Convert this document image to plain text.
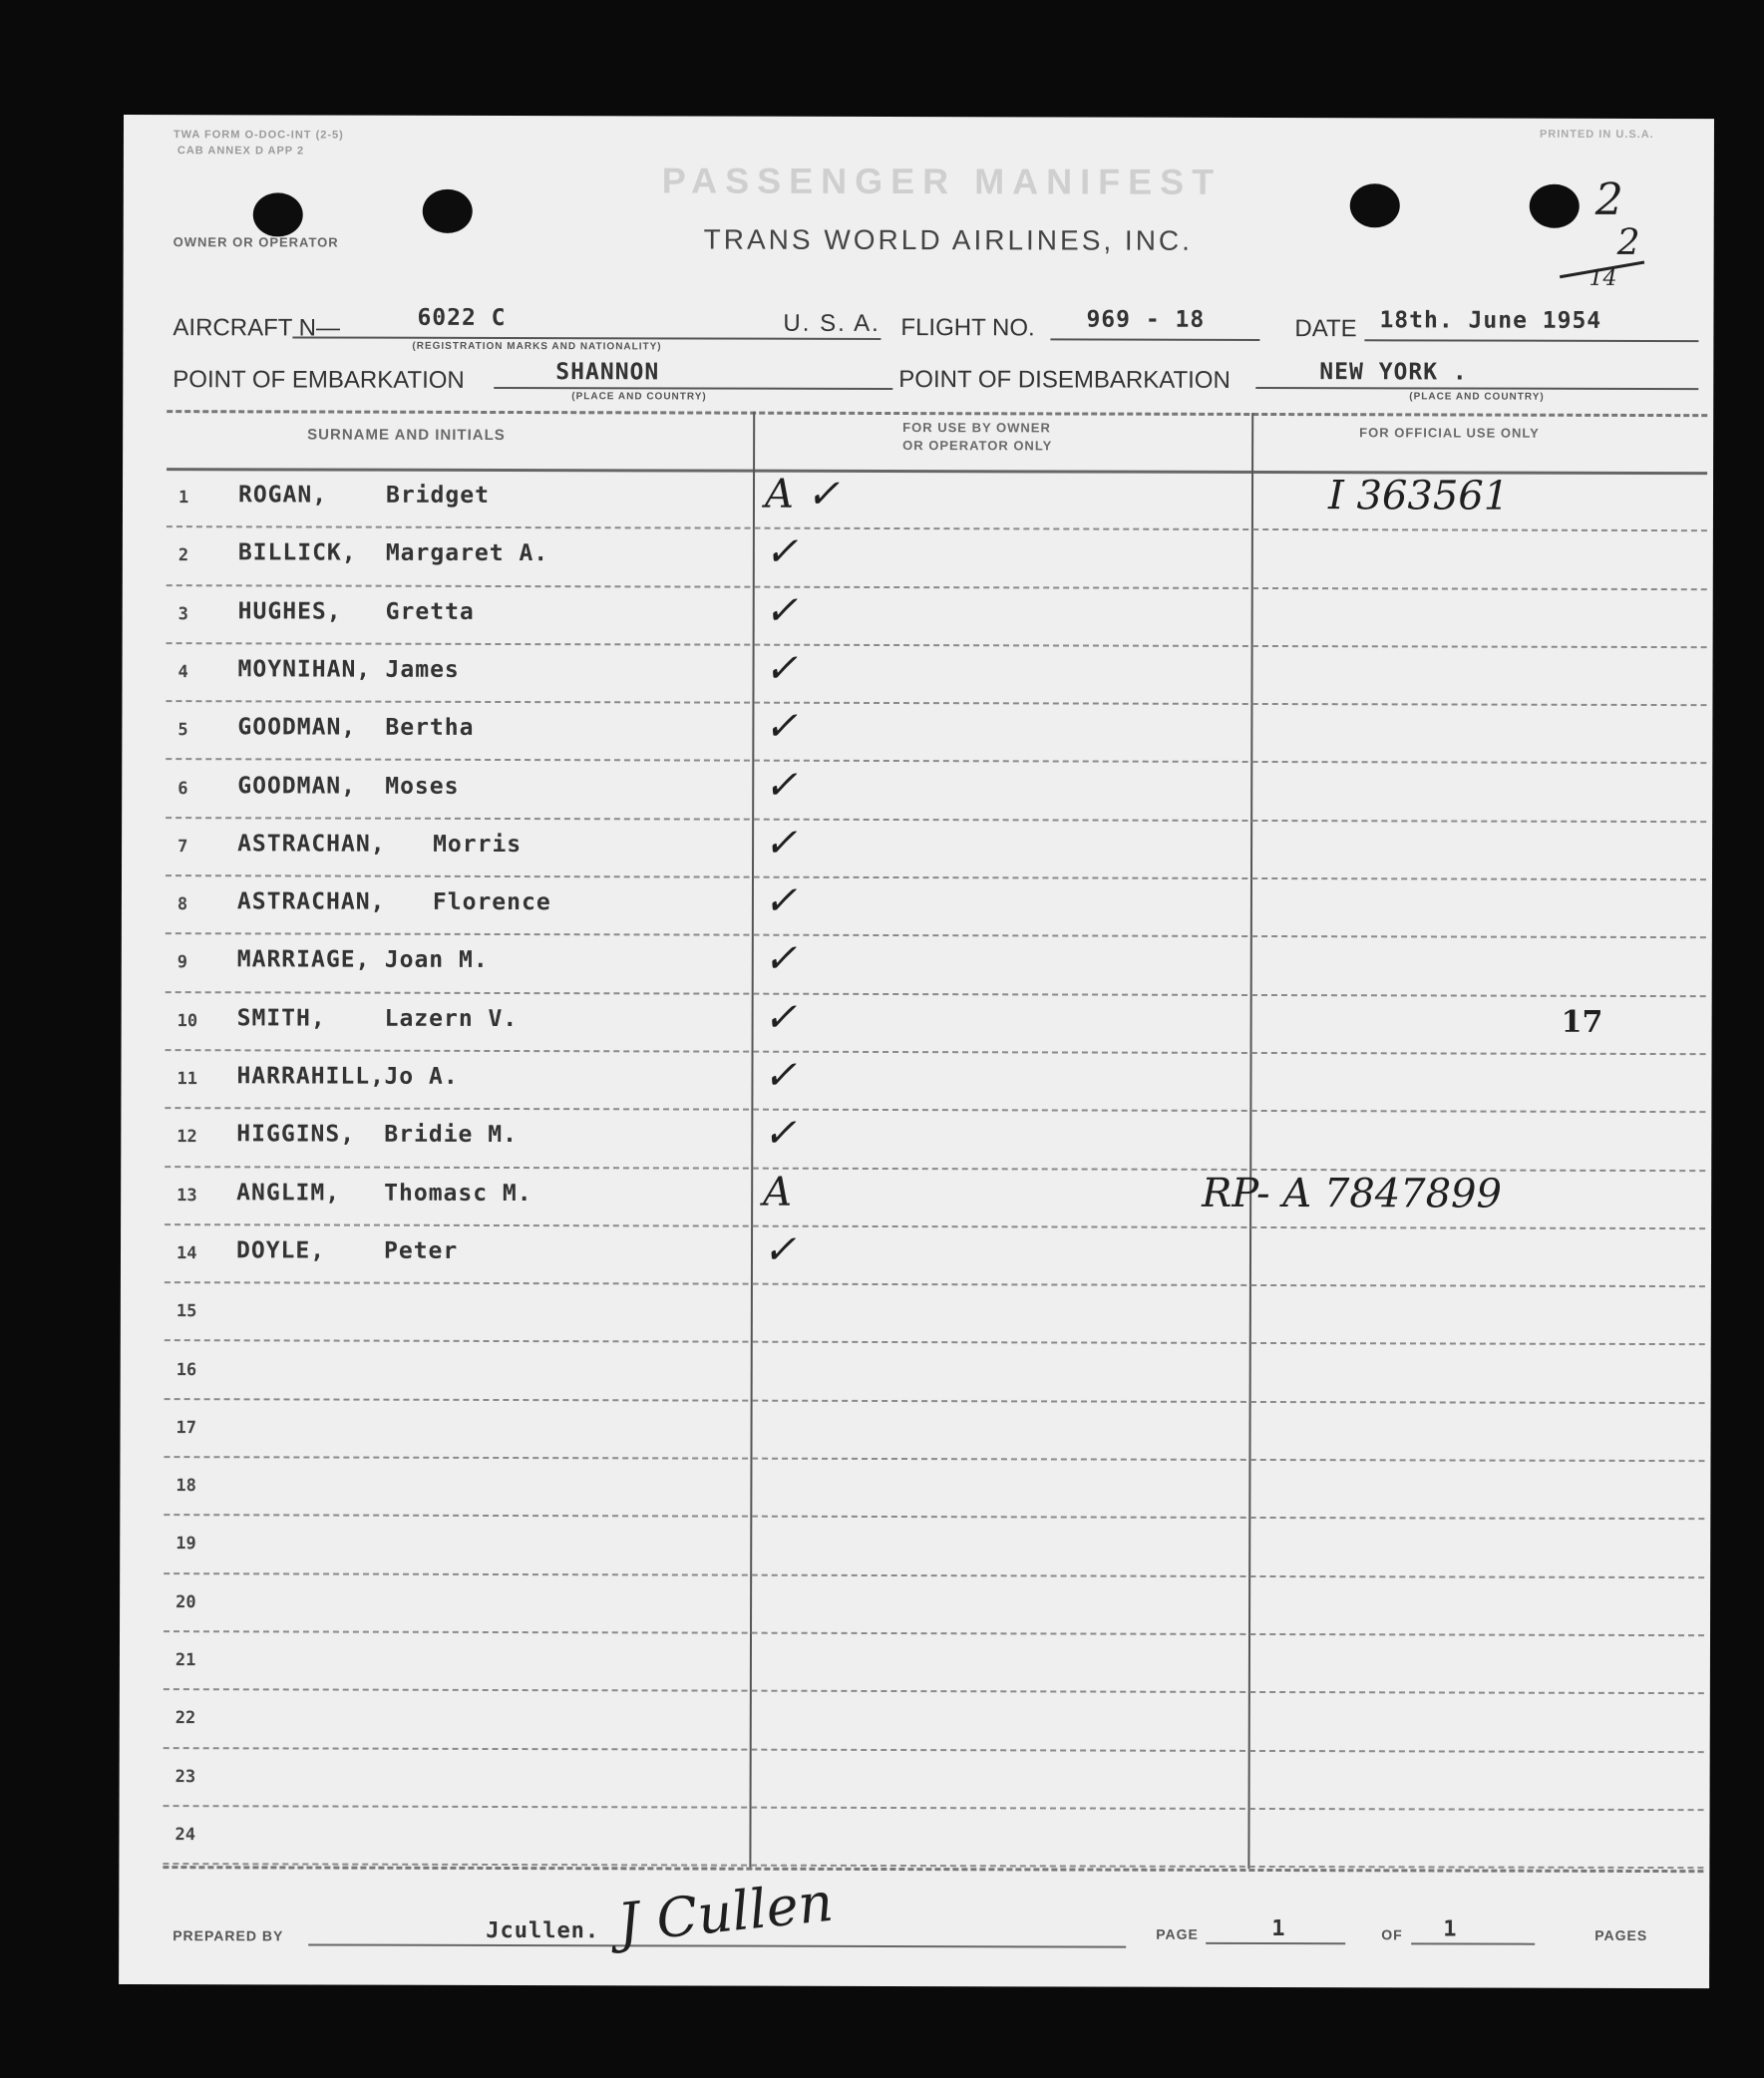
TWA FORM O-DOC-INT (2-5)
CAB ANNEX D APP 2
PRINTED IN U.S.A.
OWNER OR OPERATOR
PASSENGER MANIFEST
TRANS WORLD AIRLINES, INC.
2
2
14
AIRCRAFT N—	6022 C
(REGISTRATION MARKS AND NATIONALITY)
U. S. A. FLIGHT NO. 969 - 18	DATE 18th. June 1954
POINT OF EMBARKATION	SHANNON
(PLACE AND COUNTRY)
POINT OF DISEMBARKATION	NEW YORK .
(PLACE AND COUNTRY)
SURNAME AND INITIALS	FOR USE BY OWNER
OR OPERATOR ONLY
FOR OFFICIAL USE ONLY
1 ROGAN,	Bridget	A ✓	I 363561
2 BILLICK, Margaret A.	✓
3 HUGHES, Gretta	✓
4 MOYNIHAN, James	✓
5 GOODMAN, Bertha	✓
6 GOODMAN, Moses	✓
7 ASTRACHAN, Morris	✓
8 ASTRACHAN, Florence	✓
9 MARRIAGE, Joan M.	✓
10 SMITH,	Lazern V.	✓	17
11 HARRAHILL, Jo A.	✓
12 HIGGINS, Bridie M.	✓
13 ANGLIM, Thomasc M.	A	RP- A 7847899
14 DOYLE,	Peter	✓
15
16
17
18
19
20
21
22
23
24
PREPARED BY	Jcullen. J Cullen	PAGE	1	OF 1	PAGES
